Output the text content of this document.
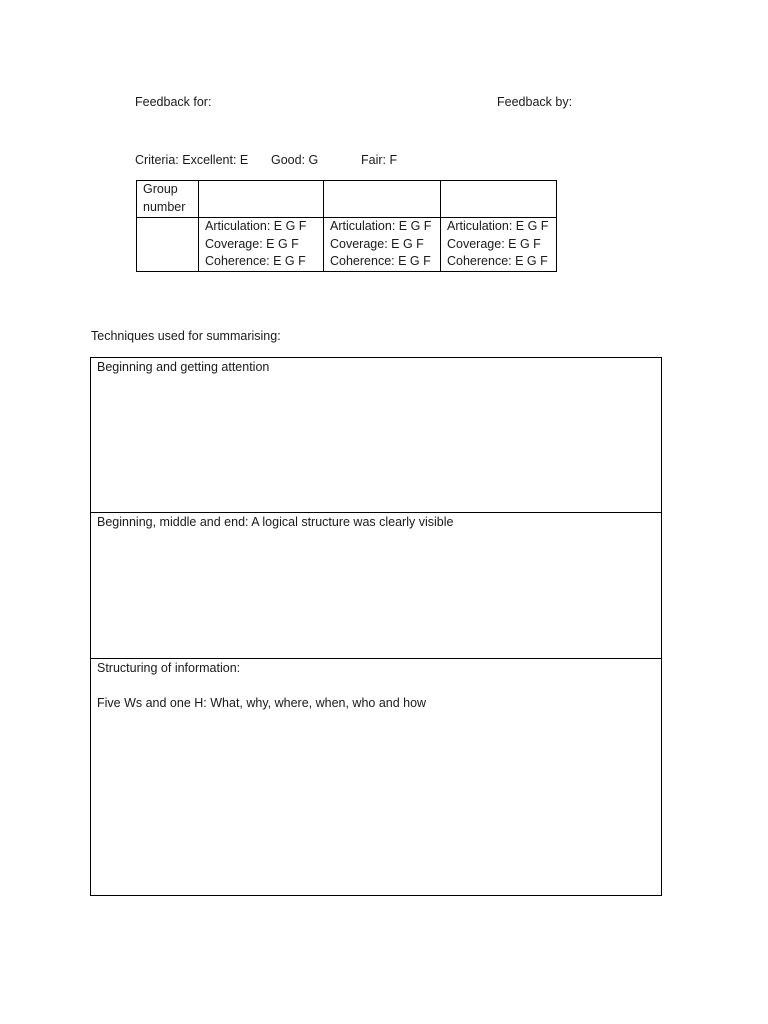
Feedback for:	Feedback by:
Criteria: Excellent: E Good: G	Fair: F
Group number			

	Articulation: E G F
Coverage: E G F
Coherence: E G F	Articulation: E G F
Coverage: E G F
Coherence: E G F	Articulation: E G F
Coverage: E G F
Coherence: E G F
Techniques used for summarising:
Beginning and getting attention

Beginning, middle and end: A logical structure was clearly visible

Structuring of information:
Five Ws and one H: What, why, where, when, who and how
